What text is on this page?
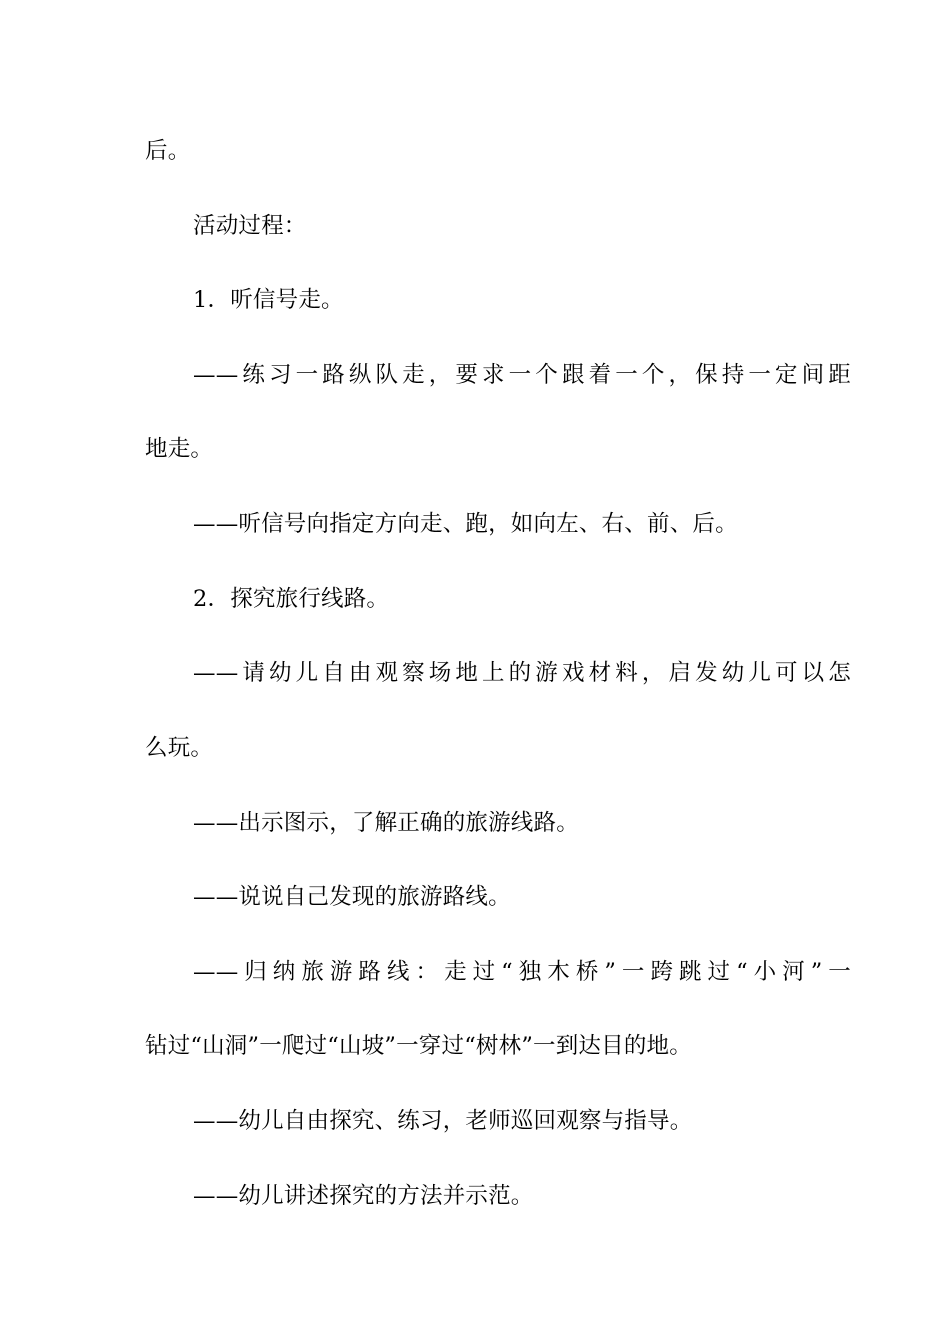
后。
活动过程：
1．听信号走。
——练习一路纵队走，要求一个跟着一个，保持一定间距
地走。
——听信号向指定方向走、跑，如向左、右、前、后。
2．探究旅行线路。
——请幼儿自由观察场地上的游戏材料，启发幼儿可以怎
么玩。
——出示图示，了解正确的旅游线路。
——说说自己发现的旅游路线。
——归纳旅游路线：走过“独木桥”一跨跳过“小河”一
钻过“山洞”一爬过“山坡”一穿过“树林”一到达目的地。
——幼儿自由探究、练习，老师巡回观察与指导。
——幼儿讲述探究的方法并示范。
